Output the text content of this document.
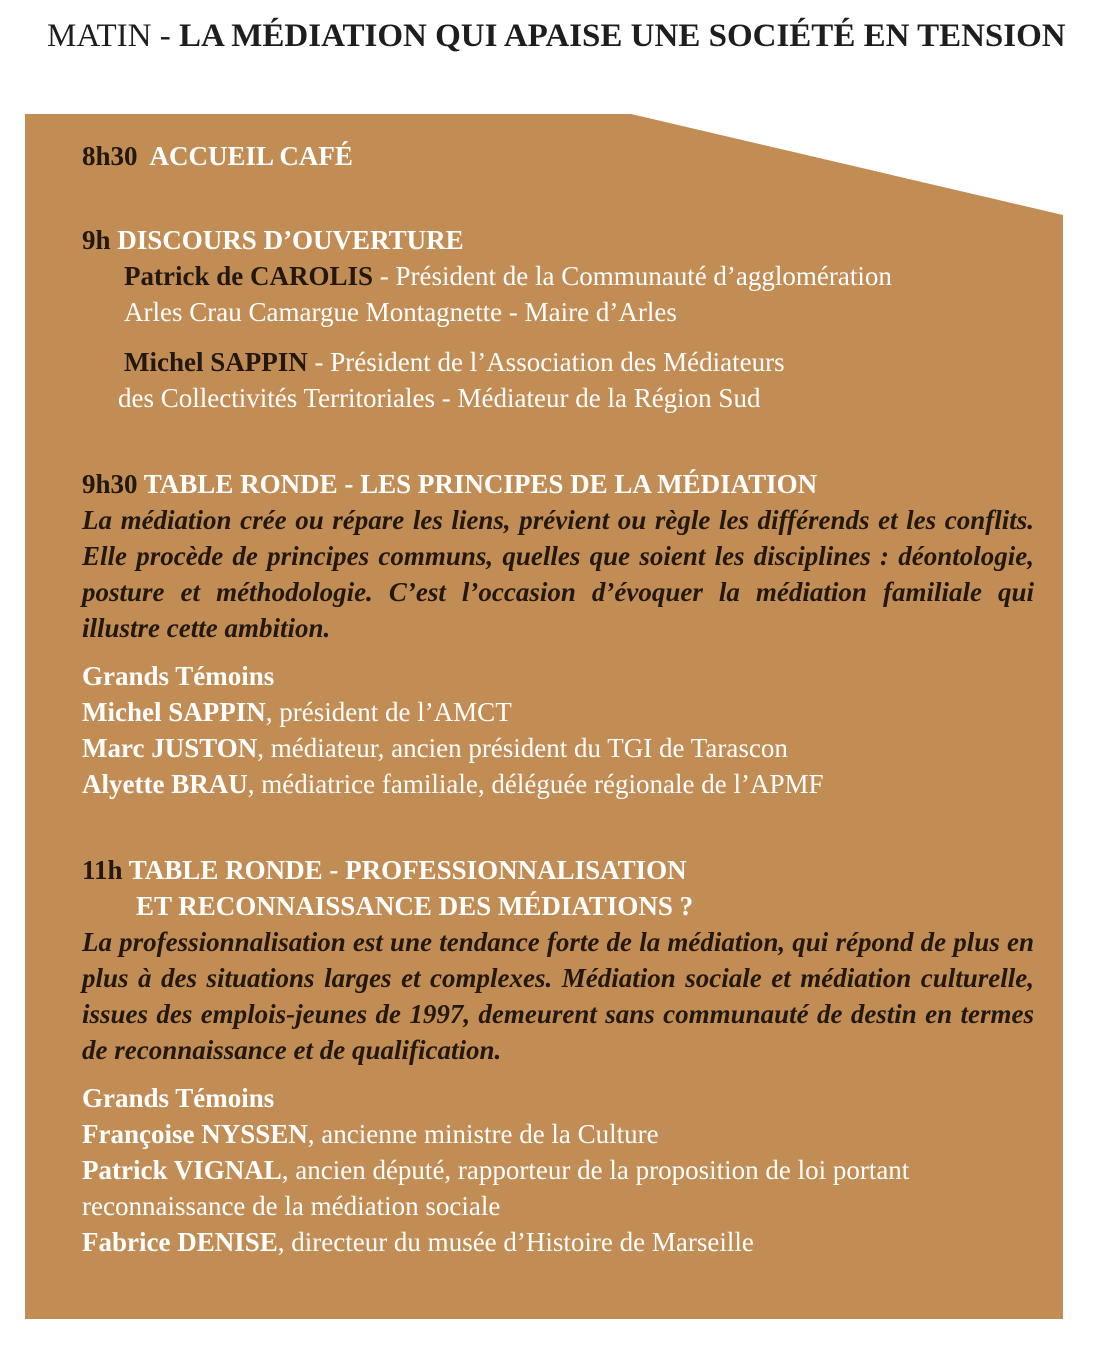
MATIN - LA MÉDIATION QUI APAISE UNE SOCIÉTÉ EN TENSION
8h30 ACCUEIL CAFÉ
9h DISCOURS D’OUVERTURE
Patrick de CAROLIS - Président de la Communauté d’agglomération
Arles Crau Camargue Montagnette - Maire d’Arles
Michel SAPPIN - Président de l’Association des Médiateurs
des Collectivités Territoriales - Médiateur de la Région Sud
9h30 TABLE RONDE - LES PRINCIPES DE LA MÉDIATION
La médiation crée ou répare les liens, prévient ou règle les différends et les conflits. Elle procède de principes communs, quelles que soient les disciplines : déontologie, posture et méthodologie. C’est l’occasion d’évoquer la médiation familiale qui illustre cette ambition.
Grands Témoins
Michel SAPPIN, président de l’AMCT
Marc JUSTON, médiateur, ancien président du TGI de Tarascon
Alyette BRAU, médiatrice familiale, déléguée régionale de l’APMF
11h TABLE RONDE - PROFESSIONNALISATION
ET RECONNAISSANCE DES MÉDIATIONS ?
La professionnalisation est une tendance forte de la médiation, qui répond de plus en plus à des situations larges et complexes. Médiation sociale et médiation culturelle, issues des emplois-jeunes de 1997, demeurent sans communauté de destin en termes de reconnaissance et de qualification.
Grands Témoins
Françoise NYSSEN, ancienne ministre de la Culture
Patrick VIGNAL, ancien député, rapporteur de la proposition de loi portant
reconnaissance de la médiation sociale
Fabrice DENISE, directeur du musée d’Histoire de Marseille
